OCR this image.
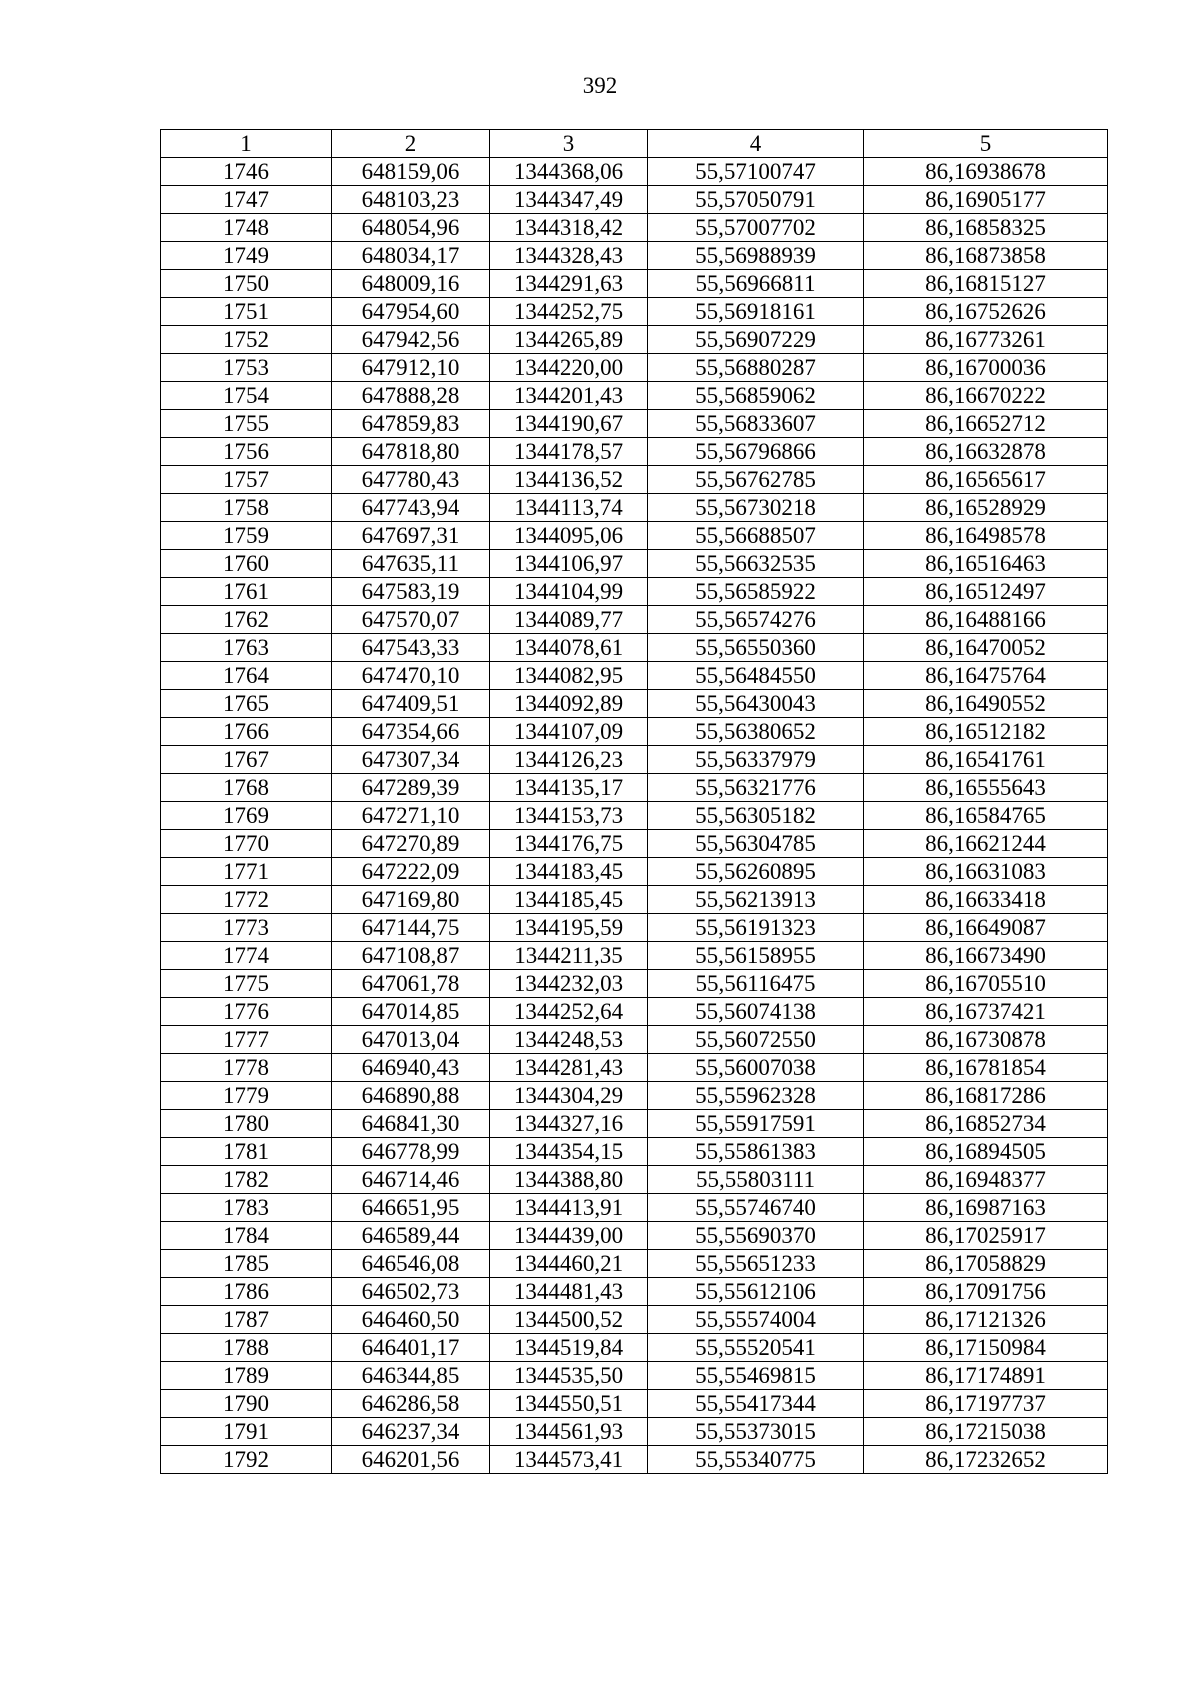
392
1	2	3	4	5
1746	648159,06	1344368,06	55,57100747	86,16938678
1747	648103,23	1344347,49	55,57050791	86,16905177
1748	648054,96	1344318,42	55,57007702	86,16858325
1749	648034,17	1344328,43	55,56988939	86,16873858
1750	648009,16	1344291,63	55,56966811	86,16815127
1751	647954,60	1344252,75	55,56918161	86,16752626
1752	647942,56	1344265,89	55,56907229	86,16773261
1753	647912,10	1344220,00	55,56880287	86,16700036
1754	647888,28	1344201,43	55,56859062	86,16670222
1755	647859,83	1344190,67	55,56833607	86,16652712
1756	647818,80	1344178,57	55,56796866	86,16632878
1757	647780,43	1344136,52	55,56762785	86,16565617
1758	647743,94	1344113,74	55,56730218	86,16528929
1759	647697,31	1344095,06	55,56688507	86,16498578
1760	647635,11	1344106,97	55,56632535	86,16516463
1761	647583,19	1344104,99	55,56585922	86,16512497
1762	647570,07	1344089,77	55,56574276	86,16488166
1763	647543,33	1344078,61	55,56550360	86,16470052
1764	647470,10	1344082,95	55,56484550	86,16475764
1765	647409,51	1344092,89	55,56430043	86,16490552
1766	647354,66	1344107,09	55,56380652	86,16512182
1767	647307,34	1344126,23	55,56337979	86,16541761
1768	647289,39	1344135,17	55,56321776	86,16555643
1769	647271,10	1344153,73	55,56305182	86,16584765
1770	647270,89	1344176,75	55,56304785	86,16621244
1771	647222,09	1344183,45	55,56260895	86,16631083
1772	647169,80	1344185,45	55,56213913	86,16633418
1773	647144,75	1344195,59	55,56191323	86,16649087
1774	647108,87	1344211,35	55,56158955	86,16673490
1775	647061,78	1344232,03	55,56116475	86,16705510
1776	647014,85	1344252,64	55,56074138	86,16737421
1777	647013,04	1344248,53	55,56072550	86,16730878
1778	646940,43	1344281,43	55,56007038	86,16781854
1779	646890,88	1344304,29	55,55962328	86,16817286
1780	646841,30	1344327,16	55,55917591	86,16852734
1781	646778,99	1344354,15	55,55861383	86,16894505
1782	646714,46	1344388,80	55,55803111	86,16948377
1783	646651,95	1344413,91	55,55746740	86,16987163
1784	646589,44	1344439,00	55,55690370	86,17025917
1785	646546,08	1344460,21	55,55651233	86,17058829
1786	646502,73	1344481,43	55,55612106	86,17091756
1787	646460,50	1344500,52	55,55574004	86,17121326
1788	646401,17	1344519,84	55,55520541	86,17150984
1789	646344,85	1344535,50	55,55469815	86,17174891
1790	646286,58	1344550,51	55,55417344	86,17197737
1791	646237,34	1344561,93	55,55373015	86,17215038
1792	646201,56	1344573,41	55,55340775	86,17232652
